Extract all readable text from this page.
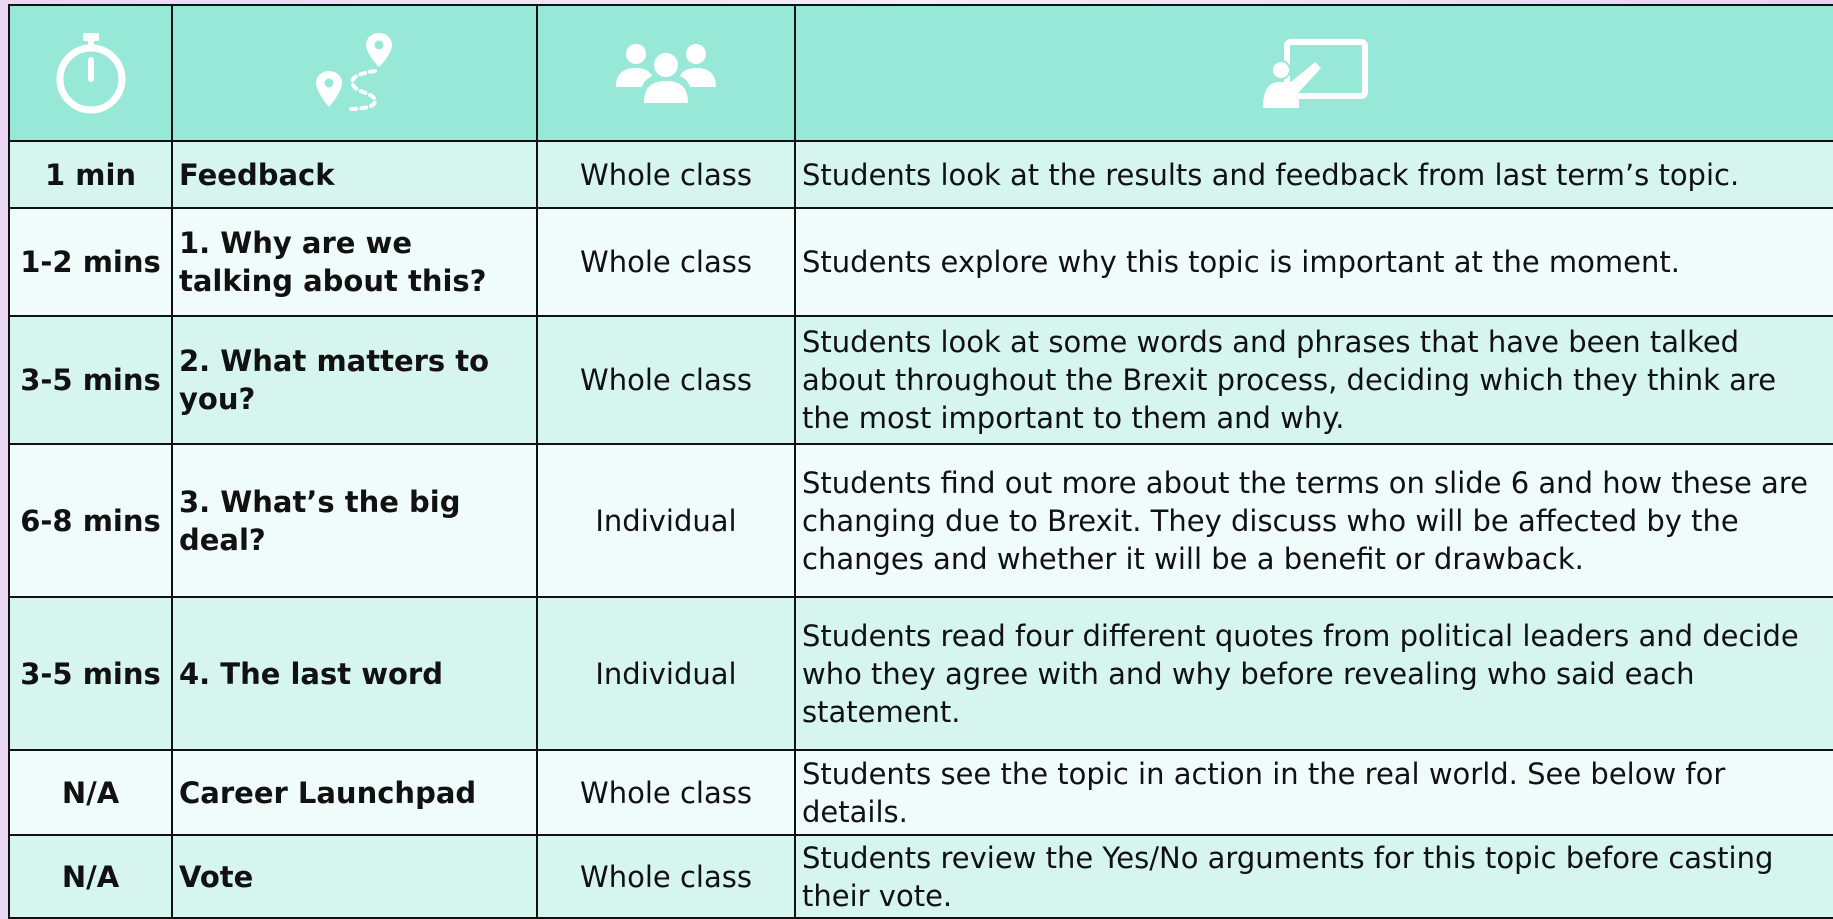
1 min	Feedback	Whole class	Students look at the results and feedback from last term’s topic.
1-2 mins	1. Why are we talking about this?	Whole class	Students explore why this topic is important at the moment.
3-5 mins	2. What matters to you?	Whole class	Students look at some words and phrases that have been talked about throughout the Brexit process, deciding which they think are the most important to them and why.
6-8 mins	3. What’s the big deal?	Individual	Students find out more about the terms on slide 6 and how these are changing due to Brexit. They discuss who will be affected by the changes and whether it will be a benefit or drawback.
3-5 mins	4. The last word	Individual	Students read four different quotes from political leaders and decide who they agree with and why before revealing who said each statement.
N/A	Career Launchpad	Whole class	Students see the topic in action in the real world. See below for details.
N/A	Vote	Whole class	Students review the Yes/No arguments for this topic before casting their vote.
